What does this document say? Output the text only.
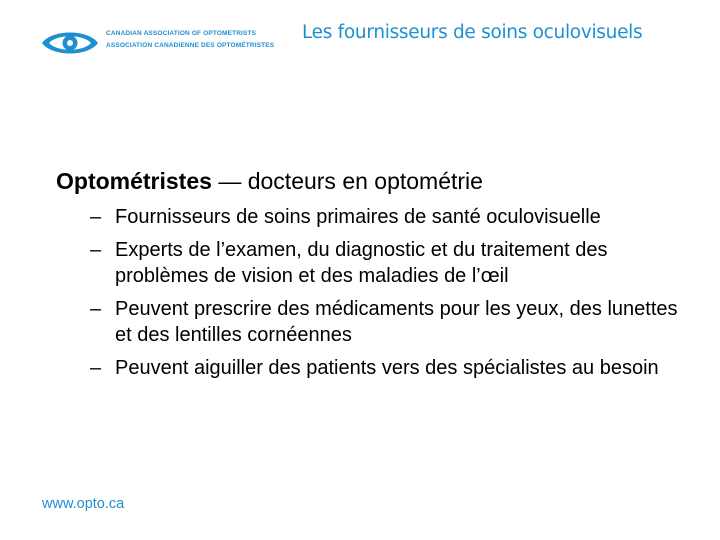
CANADIAN ASSOCIATION OF OPTOMETRISTS
ASSOCIATION CANADIENNE DES OPTOMÉTRISTES
Les fournisseurs de soins oculovisuels
Optométristes — docteurs en optométrie
– Fournisseurs de soins primaires de santé oculovisuelle
– Experts de l’examen, du diagnostic et du traitement des problèmes de vision et des maladies de l’œil
– Peuvent prescrire des médicaments pour les yeux, des lunettes et des lentilles cornéennes
– Peuvent aiguiller des patients vers des spécialistes au besoin
www.opto.ca
